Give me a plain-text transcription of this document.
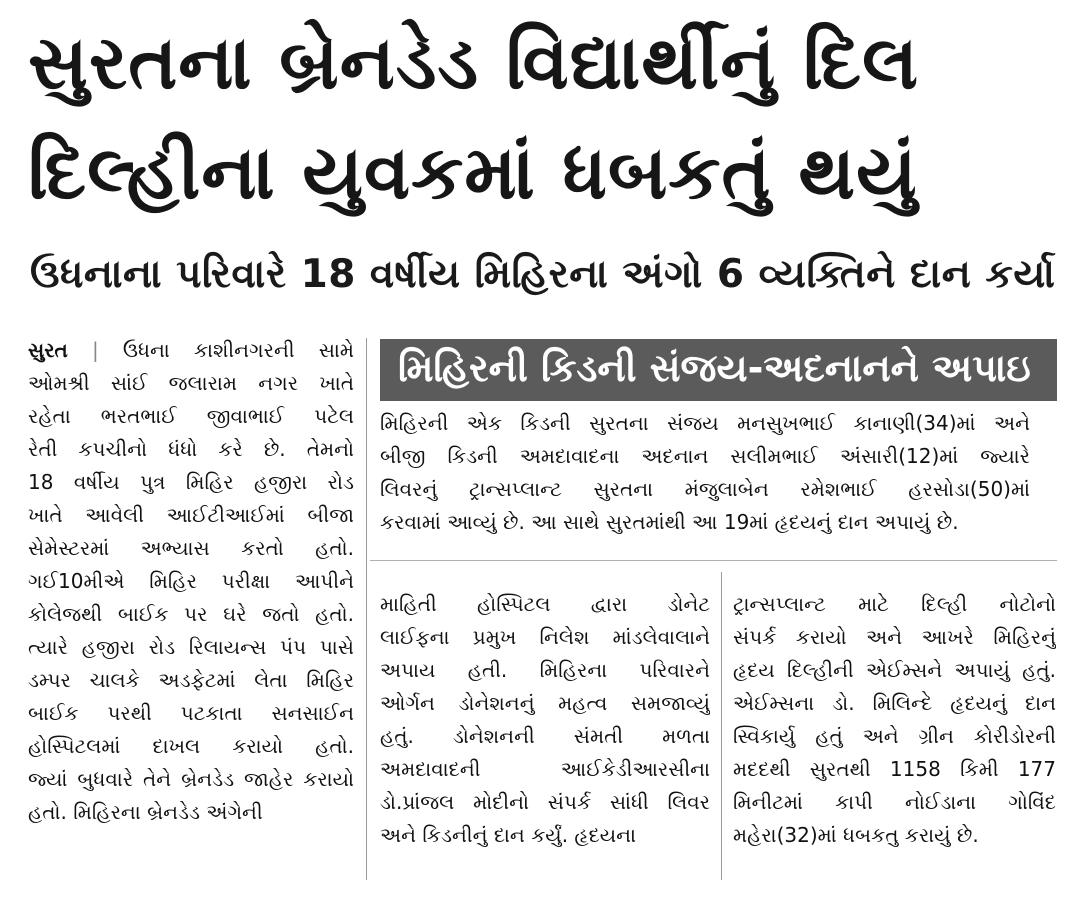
સુરતના બ્રેનડેડ વિદ્યાર્થીનું દિલ
દિલ્હીના યુવકમાં ધબકતું થયું
ઉધનાના પરિવારે 18 વર્ષીય મિહિરના અંગો 6 વ્યક્તિને દાન કર્યા

સુરત | ઉધના કાશીનગરની સામે

ઓમશ્રી સાંઈ જલારામ નગર ખાતે

રહેતા ભરતભાઈ જીવાભાઈ પટેલ

રેતી કપચીનો ધંધો કરે છે. તેમનો

18 વર્ષીય પુત્ર મિહિર હજીરા રોડ

ખાતે આવેલી આઈટીઆઈમાં બીજા

સેમેસ્ટરમાં અભ્યાસ કરતો હતો.

ગઈ10મીએ મિહિર પરીક્ષા આપીને

કોલેજથી બાઈક પર ઘરે જતો હતો.

ત્યારે હજીરા રોડ રિલાયન્સ પંપ પાસે

ડમ્પર ચાલકે અડફેટમાં લેતા મિહિર

બાઈક પરથી પટકાતા સનસાઈન

હોસ્પિટલમાં દાખલ કરાયો હતો.

જ્યાં બુધવારે તેને બ્રેનડેડ જાહેર કરાયો

હતો. મિહિરના બ્રેનડેડ અંગેની

મિહિરની કિડની સંજય-અદનાનને અપાઇ

મિહિરની એક કિડની સુરતના સંજય મનસુખભાઈ કાનાણી(34)માં અને

બીજી કિડની અમદાવાદના અદનાન સલીમભાઈ અંસારી(12)માં જ્યારે

લિવરનું ટ્રાન્સપ્લાન્ટ સુરતના મંજુલાબેન રમેશભાઈ હરસોડા(50)માં

કરવામાં આવ્યું છે. આ સાથે સુરતમાંથી આ 19માં હૃદયનું દાન અપાયું છે.

માહિતી હોસ્પિટલ દ્વારા ડોનેટ

લાઈફના પ્રમુખ નિલેશ માંડલેવાલાને

અપાય હતી. મિહિરના પરિવારને

ઓર્ગન ડોનેશનનું મહત્વ સમજાવ્યું

હતું. ડોનેશનની સંમતી મળતા

અમદાવાદની આઈકેડીઆરસીના

ડો.પ્રાંજલ મોદીનો સંપર્ક સાંધી લિવર

અને કિડનીનું દાન કર્યું. હૃદયના

ટ્રાન્સપ્લાન્ટ માટે દિલ્હી નોટોનો

સંપર્ક કરાયો અને આખરે મિહિરનું

હૃદય દિલ્હીની એઈમ્સને અપાયું હતું.

એઈમ્સના ડો. મિલિન્દે હૃદયનું દાન

સ્વિકાર્યુ હતું અને ગ્રીન કોરીડોરની

મદદથી સુરતથી 1158 કિમી 177

મિનીટમાં કાપી નોઈડાના ગોવિંદ

મહેરા(32)માં ધબકતુ કરાયું છે.
